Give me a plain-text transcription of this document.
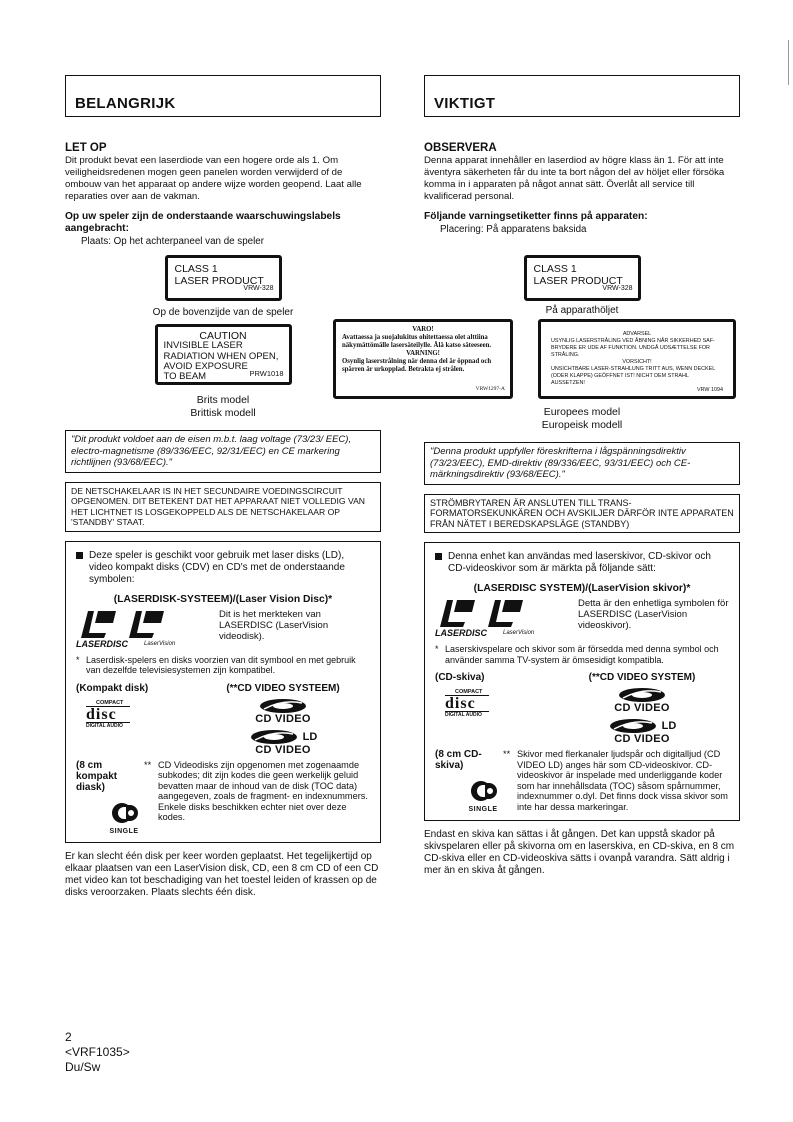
BELANGRIJK

LET OP

Dit produkt bevat een laserdiode van een hogere orde als 1. Om veiligheidsredenen mogen geen panelen worden verwijderd of de ombouw van het apparaat op andere wijze worden geopend. Laat alle reparaties over aan de vakman.

Op uw speler zijn de onderstaande waarschuwingslabels aangebracht:

Plaats: Op het achterpaneel van de speler

CLASS 1
LASER PRODUCT
VRW-328
Op de bovenzijde van de speler
CAUTION
INVISIBLE LASER
RADIATION WHEN OPEN,
AVOID EXPOSURE
TO BEAM	PRW1018
Brits model
Brittisk modell
"Dit produkt voldoet aan de eisen m.b.t. laag voltage (73/23/ EEC), electro-magnetisme (89/336/EEC, 92/31/EEC) en CE markering richtlijnen (93/68/EEC)."
DE NETSCHAKELAAR IS IN HET SECUNDAIRE VOEDINGSCIRCUIT OPGENOMEN. DIT BETEKENT DAT HET APPARAAT NIET VOLLEDIG VAN HET LICHTNET IS LOSGEKOPPELD ALS DE NETSCHAKELAAR OP 'STANDBY' STAAT.
Deze speler is geschikt voor gebruik met laser disks (LD), video kompakt disks (CDV) en CD's met de onderstaande symbolen:
(LASERDISK-SYSTEEM)/(Laser Vision Disc)*
LASERDISC	LaserVision
Dit is het merkteken van LASERDISC (LaserVision videodisk).
* Laserdisk-spelers en disks voorzien van dit symbool en met gebruik van dezelfde televisiesystemen zijn kompatibel.
(Kompakt disk)
COMPACT
disc
DIGITAL AUDIO
(**CD VIDEO SYSTEEM)
CD VIDEO
LD
CD VIDEO
(8 cm kompakt diask)
SINGLE
** CD Videodisks zijn opgenomen met zogenaamde subkodes; dit zijn kodes die geen werkelijk geluid bevatten maar de inhoud van de disk (TOC data) aangegeven, zoals de fragment- en indexnummers. Enkele disks beschikken echter niet over deze kodes.
Er kan slecht één disk per keer worden geplaatst. Het tegelijkertijd op elkaar plaatsen van een LaserVision disk, CD, een 8 cm CD of een CD met video kan tot beschadiging van het toestel leiden of krassen op de disks veroorzaken. Plaats slechts één disk.
VIKTIGT

OBSERVERA

Denna apparat innehåller en laserdiod av högre klass än 1. För att inte äventyra säkerheten får du inte ta bort någon del av höljet eller försöka komma in i apparaten på något annat sätt. Överlåt all service till kvalificerad personal.

Följande varningsetiketter finns på apparaten:

Placering: På apparatens baksida

CLASS 1
LASER PRODUCT
VRW-328
På apparathöljet
VARO!
Avattaessa ja suojalukitus ohitettaessa olet alttiina näkymättömälle lasersäteilylle. Älä katso säteeseen.
VARNING!
Osynlig laserstrålning när denna del är öppnad och spärren är urkopplad. Betrakta ej strålen.
VRW1297-A
ADVARSEL
USYNLIG LASERSTRÅLING VED ÅBNING NÅR SIKKERHED SAF-BRYDERE ER UDE AF FUNKTION. UNDGÅ UDSÆTTELSE FOR STRÅLING.
VORSICHT!
UNSICHTBARE LASER-STRAHLUNG TRITT AUS, WENN DECKEL (ODER KLAPPE) GEÖFFNET IST! NICHT DEM STRAHL AUSSETZEN!
VRW 1094
Europees model
Europeisk modell
"Denna produkt uppfyller föreskrifterna i lågspänningsdirektiv (73/23/EEC), EMD-direktiv (89/336/EEC, 93/31/EEC) och CE-märkningsdirektiv (93/68/EEC)."
STRÖMBRYTAREN ÄR ANSLUTEN TILL TRANS-FORMATORSEKUNKÄREN OCH AVSKILJER DÄRFÖR INTE APPARATEN FRÅN NÄTET I BEREDSKAPSLÄGE (STANDBY)
Denna enhet kan användas med laserskivor, CD-skivor och CD-videoskivor som är märkta på följande sätt:
(LASERDISC SYSTEM)/(LaserVision skivor)*
LASERDISC	LaserVision
Detta är den enhetliga symbolen för LASERDISC (LaserVision videoskivor).
* Laserskivspelare och skivor som är försedda med denna symbol och använder samma TV-system är ömsesidigt kompatibla.
(CD-skiva)
COMPACT
disc
DIGITAL AUDIO
(**CD VIDEO SYSTEM)
CD VIDEO
LD
CD VIDEO
(8 cm CD-skiva)
SINGLE
** Skivor med flerkanaler ljudspår och digitalljud (CD VIDEO LD) anges här som CD-videoskivor. CD-videoskivor är inspelade med underliggande koder som har innehållsdata (TOC) såsom spårnummer, indexnummer o.dyl. Det finns dock vissa skivor som inte har dessa markeringar.
Endast en skiva kan sättas i åt gången. Det kan uppstå skador på skivspelaren eller på skivorna om en laserskiva, en CD-skiva, en 8 cm CD-skiva eller en CD-videoskiva sätts i ovanpå varandra. Sätt aldrig i mer än en skiva åt gången.
2
<VRF1035>
Du/Sw
